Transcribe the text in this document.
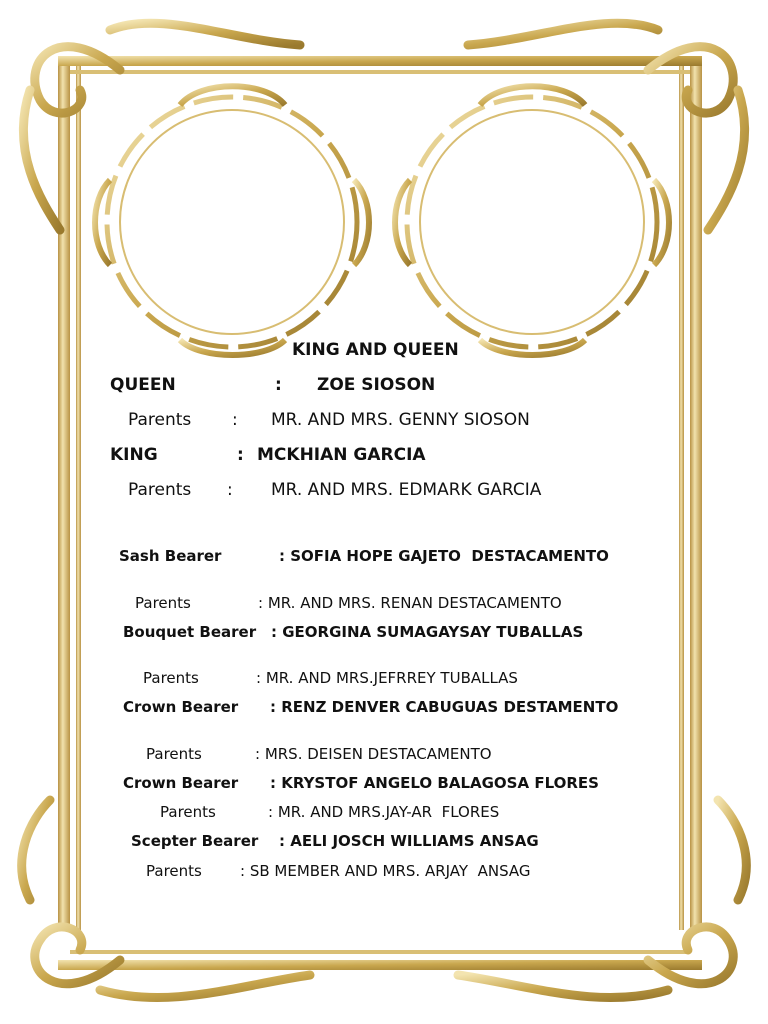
KING AND QUEEN
QUEEN	: ZOE SIOSON
Parents : MR. AND MRS. GENNY SIOSON
KING	: MCKHIAN GARCIA
Parents : MR. AND MRS. EDMARK GARCIA
Sash Bearer	: SOFIA HOPE GAJETO  DESTACAMENTO
Parents	: MR. AND MRS. RENAN DESTACAMENTO
Bouquet Bearer : GEORGINA SUMAGAYSAY TUBALLAS
Parents	: MR. AND MRS.JEFRREY TUBALLAS
Crown Bearer : RENZ DENVER CABUGUAS DESTAMENTO
Parents	: MRS. DEISEN DESTACAMENTO
Crown Bearer : KRYSTOF ANGELO BALAGOSA FLORES
Parents	: MR. AND MRS.JAY-AR  FLORES
Scepter Bearer : AELI JOSCH WILLIAMS ANSAG
Parents	: SB MEMBER AND MRS. ARJAY  ANSAG
